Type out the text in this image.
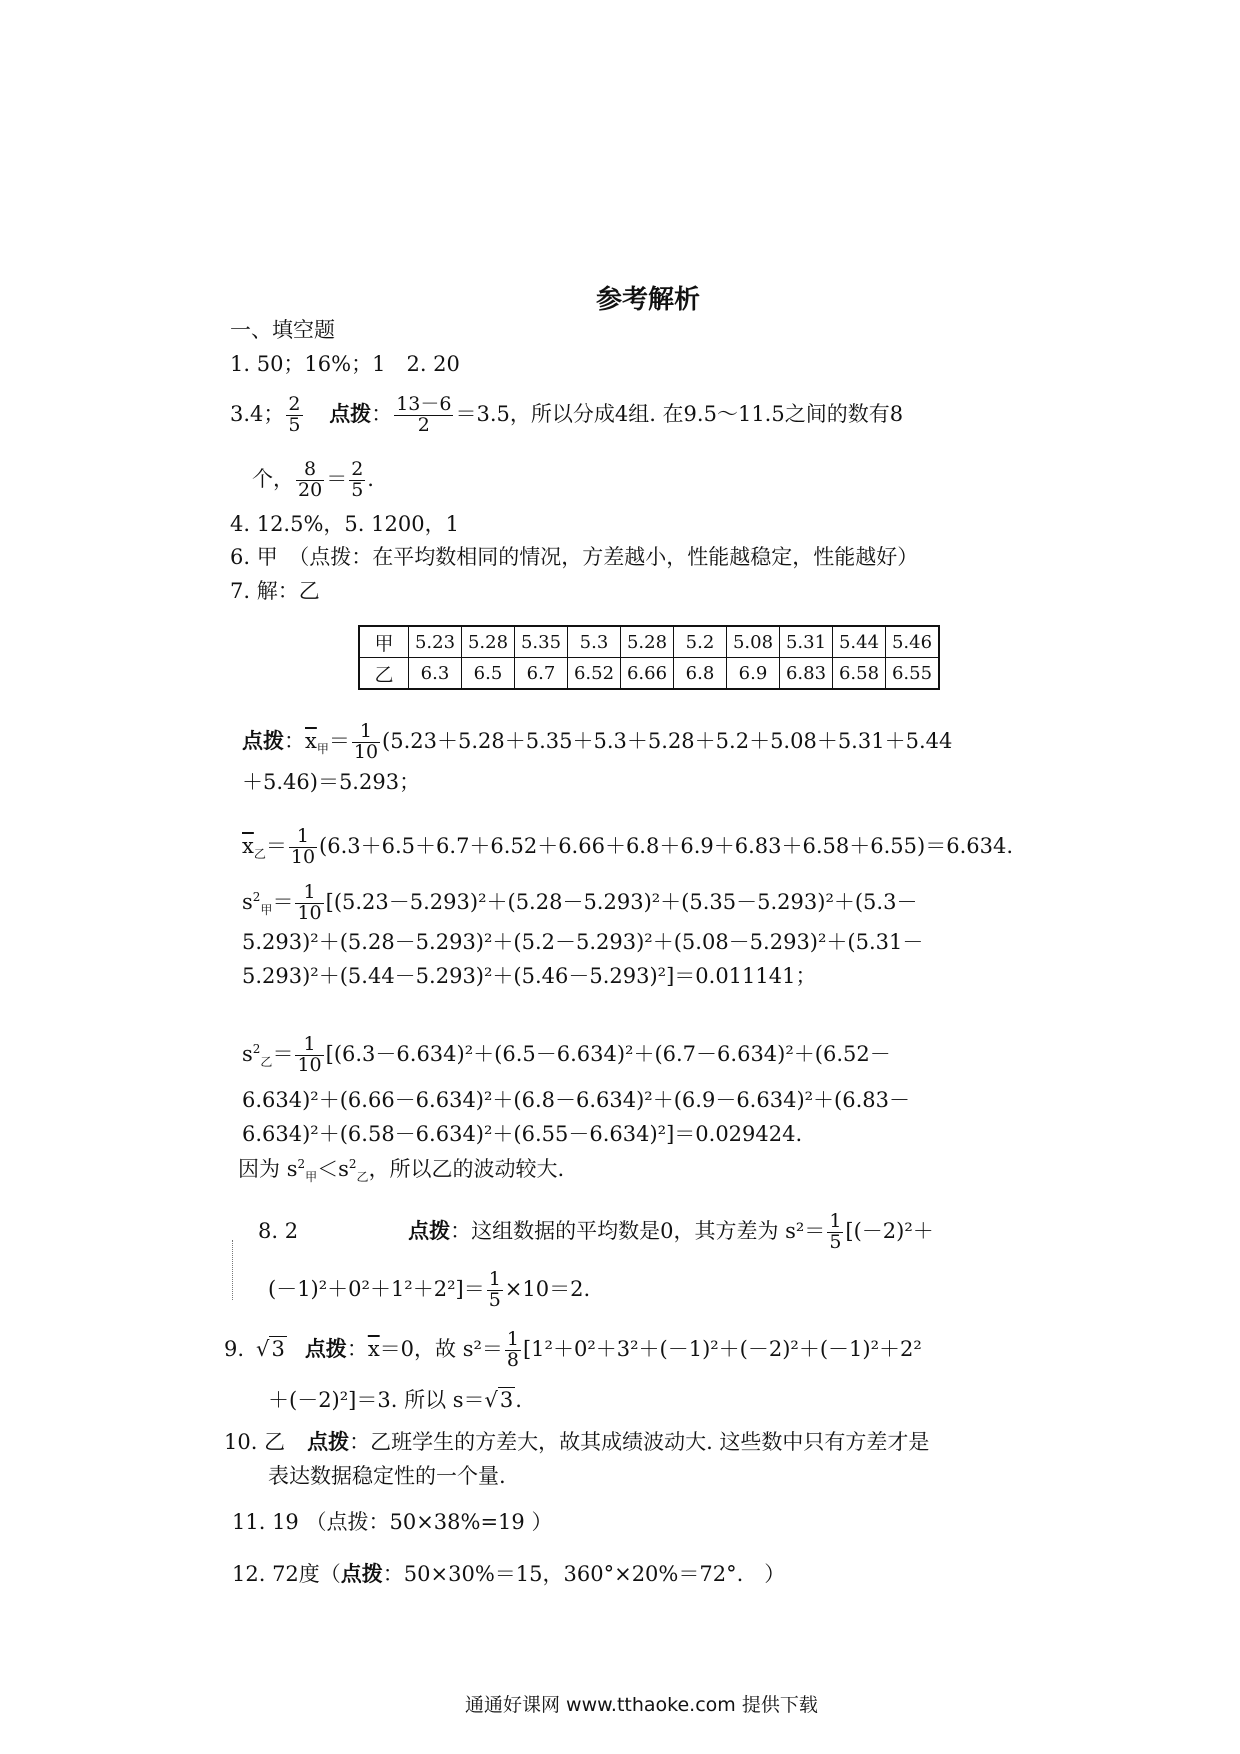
参考解析
一、填空题
1. 50；16%；1　2. 20
3.4； $\frac{2}{5}$ 点拨： $\frac{13-6}{2} =3.5$，所以分成4组. 在9.5～11.5之间的数有8
个， $\frac{8}{20} = \frac{2}{5}$ .
4. 12.5%，5. 1200，1
6. 甲　（点拨：在平均数相同的情况，方差越小，性能越稳定，性能越好）
7. 解：乙
甲	5.23	5.28	5.35	5.3	5.28	5.2	5.08	5.31	5.44	5.46
乙	6.3	6.5	6.7	6.52	6.66	6.8	6.9	6.83	6.58	6.55
点拨：$\overline{x}_甲= \frac{1}{10} (5.23+5.28+5.35+5.3+5.28+5.2+5.08+5.31+5.44$
＋5.46)＝5.293；
$\overline{x}_乙= \frac{1}{10} (6.3+6.5+6.7+6.52+6.66+6.8+6.9+6.83+6.58+6.55)=6.634$.
$s^2_甲= \frac{1}{10} [(5.23-5.293)^2+(5.28-5.293)^2+(5.35-5.293)^2+(5.3-$
5.293)²＋(5.28－5.293)²＋(5.2－5.293)²＋(5.08－5.293)²＋(5.31－
5.293)²＋(5.44－5.293)²＋(5.46－5.293)²]＝0.011141；
$s^2_乙= \frac{1}{10} [(6.3-6.634)^2+(6.5-6.634)^2+(6.7-6.634)^2+(6.52-$
6.634)²＋(6.66－6.634)²＋(6.8－6.634)²＋(6.9－6.634)²＋(6.83－
6.634)²＋(6.58－6.634)²＋(6.55－6.634)²]＝0.029424.
因为 $s^2_甲<s^2_乙$，所以乙的波动较大.
8. 2	点拨：这组数据的平均数是0，其方差为 $s^2= \frac{1}{5} [(-2)^2+$
$(-1)^2+0^2+1^2+2^2]= \frac{1}{5} \times 10=2$.
9. √3 点拨：$\overline{x}=0$，故 $s^2= \frac{1}{8} [1^2+0^2+3^2+(-1)^2+(-2)^2+(-1)^2+2^2$
＋(－2)²]＝3. 所以 s＝√3.
10. 乙 点拨：乙班学生的方差大，故其成绩波动大. 这些数中只有方差才是
表达数据稳定性的一个量.
11. 19 （点拨：50×38%=19 ）
12. 72度（点拨：50×30%＝15，360°×20%＝72°.　）
通通好课网 www.tthaoke.com 提供下载
